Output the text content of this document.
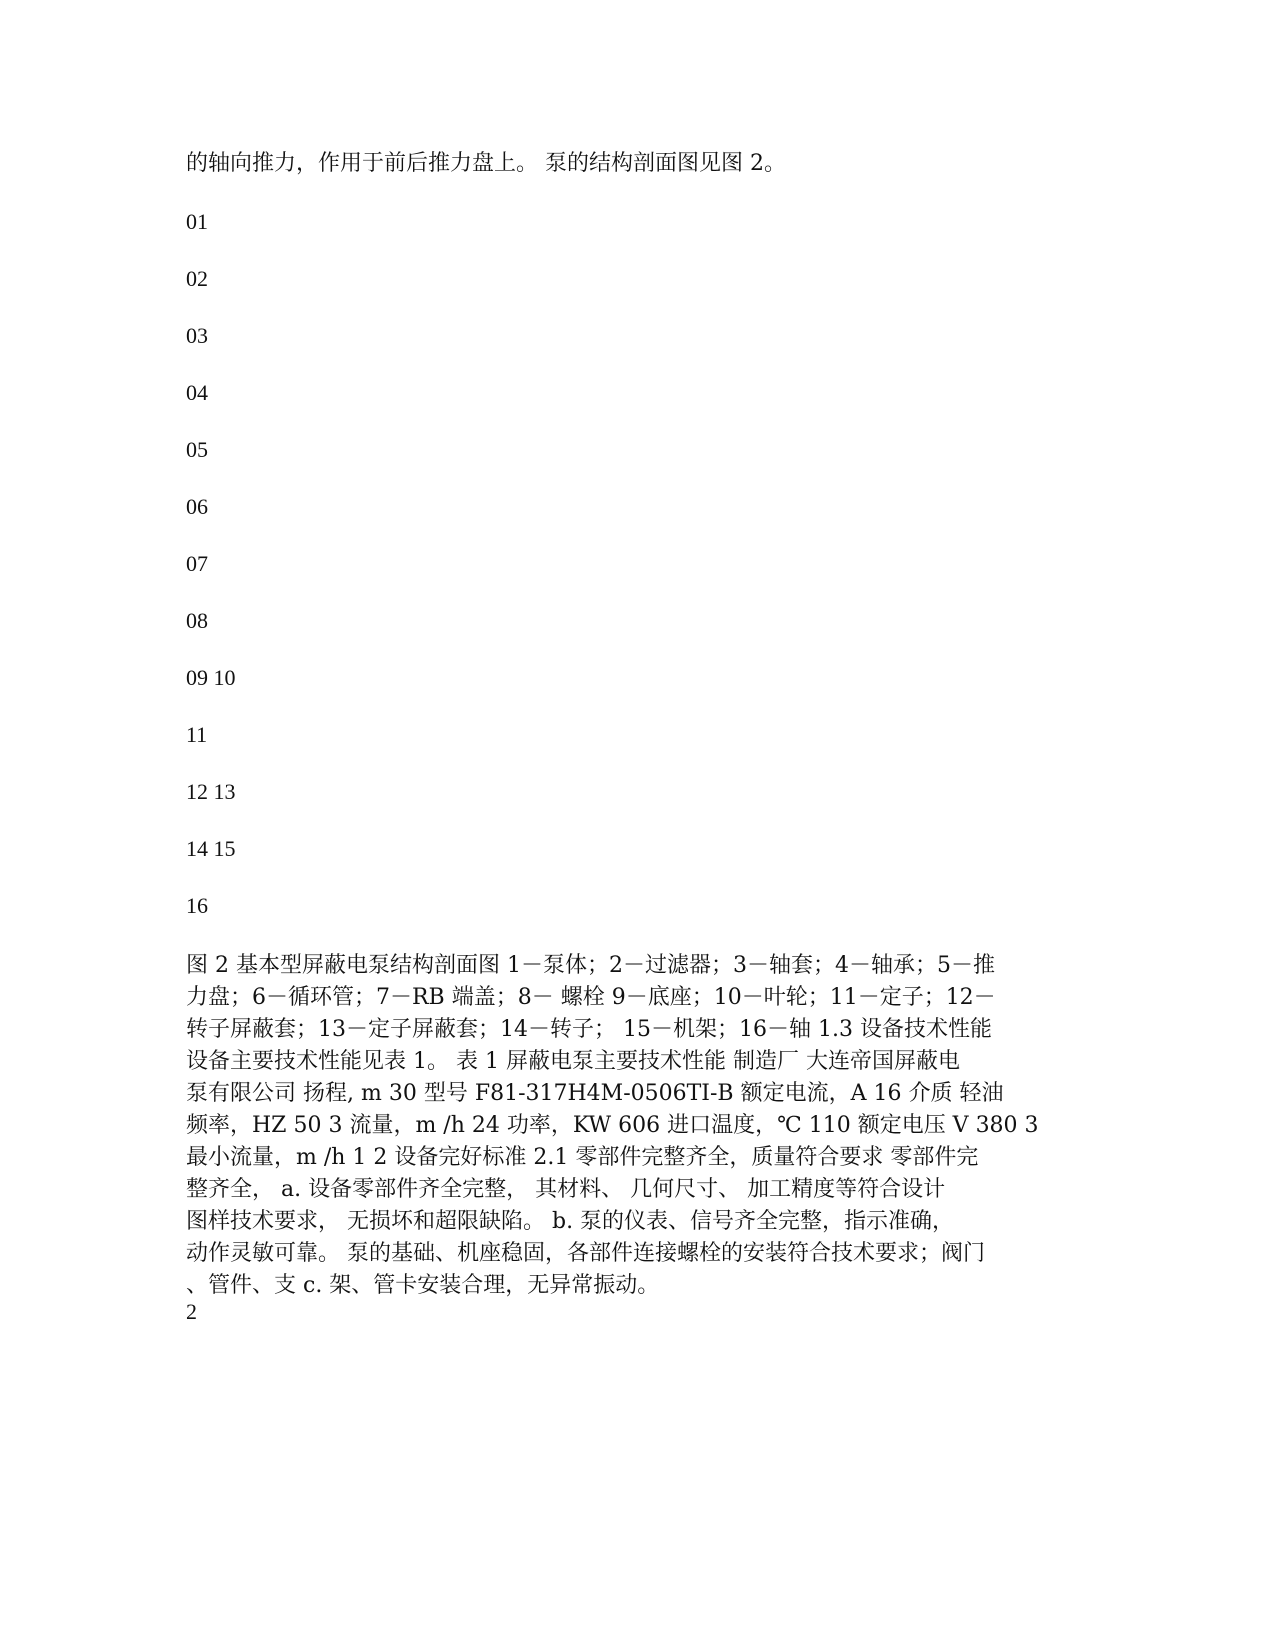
的轴向推力，作用于前后推力盘上。 泵的结构剖面图见图 2。
01
02
03
04
05
06
07
08
09 10
11
12 13
14 15
16

图 2 基本型屏蔽电泵结构剖面图 1－泵体；2－过滤器；3－轴套；4－轴承；5－推
力盘；6－循环管；7－RB 端盖；8－ 螺栓 9－底座；10－叶轮；11－定子；12－
转子屏蔽套；13－定子屏蔽套；14－转子； 15－机架；16－轴 1.3 设备技术性能
设备主要技术性能见表 1。 表 1 屏蔽电泵主要技术性能 制造厂 大连帝国屏蔽电
泵有限公司 扬程, m 30 型号 F81-317H4M-0506TI-B 额定电流，A 16 介质 轻油
频率，HZ 50 3 流量，m /h 24 功率，KW 606 进口温度，℃ 110 额定电压 V 380 3
最小流量，m /h 1 2 设备完好标准 2.1 零部件完整齐全，质量符合要求 零部件完
整齐全， a. 设备零部件齐全完整， 其材料、 几何尺寸、 加工精度等符合设计
图样技术要求， 无损坏和超限缺陷。 b. 泵的仪表、信号齐全完整，指示准确，
动作灵敏可靠。 泵的基础、机座稳固，各部件连接螺栓的安装符合技术要求；阀门
、管件、支 c. 架、管卡安装合理，无异常振动。

2
